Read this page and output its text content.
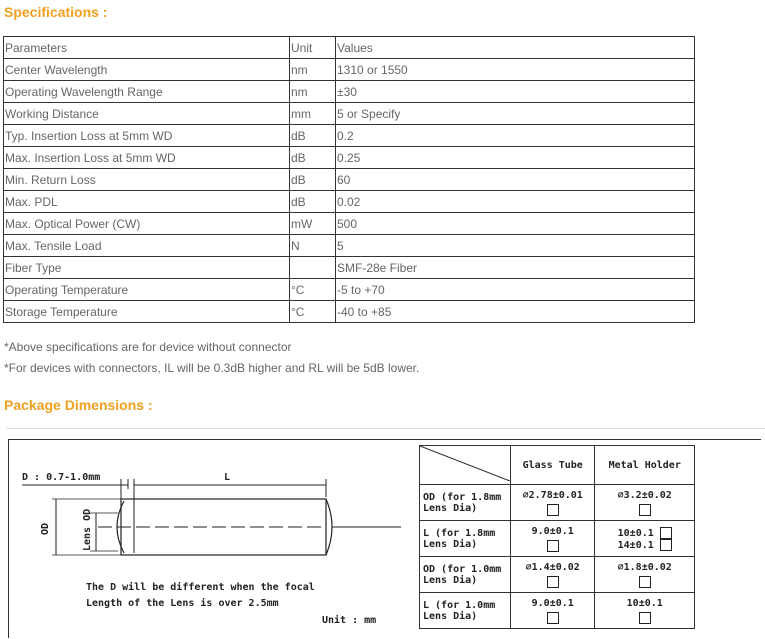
Specifications :
Parameters	Unit	Values
Center Wavelength	nm	1310 or 1550
Operating Wavelength Range	nm	±30
Working Distance	mm	5 or Specify
Typ. Insertion Loss at 5mm WD	dB	0.2
Max. Insertion Loss at 5mm WD	dB	0.25
Min. Return Loss	dB	60
Max. PDL	dB	0.02
Max. Optical Power (CW)	mW	500
Max. Tensile Load	N	5
Fiber Type		SMF-28e Fiber
Operating Temperature	°C	-5 to +70
Storage Temperature	°C	-40 to +85
*Above specifications are for device without connector
*For devices with connectors, IL will be 0.3dB higher and RL will be 5dB lower.
Package Dimensions :
D : 0.7-1.0mm	L
OD	Lens OD
The D will be different when the focal
Length of the Lens is over 2.5mm
Unit : mm
	Glass Tube	Metal Holder

OD (for 1.8mm
Lens Dia)	∅2.78±0.01	∅3.2±0.02

L (for 1.8mm
Lens Dia)	9.0±0.1	10±0.1
14±0.1

OD (for 1.0mm
Lens Dia)	∅1.4±0.02	∅1.8±0.02

L (for 1.0mm
Lens Dia)	9.0±0.1	10±0.1
